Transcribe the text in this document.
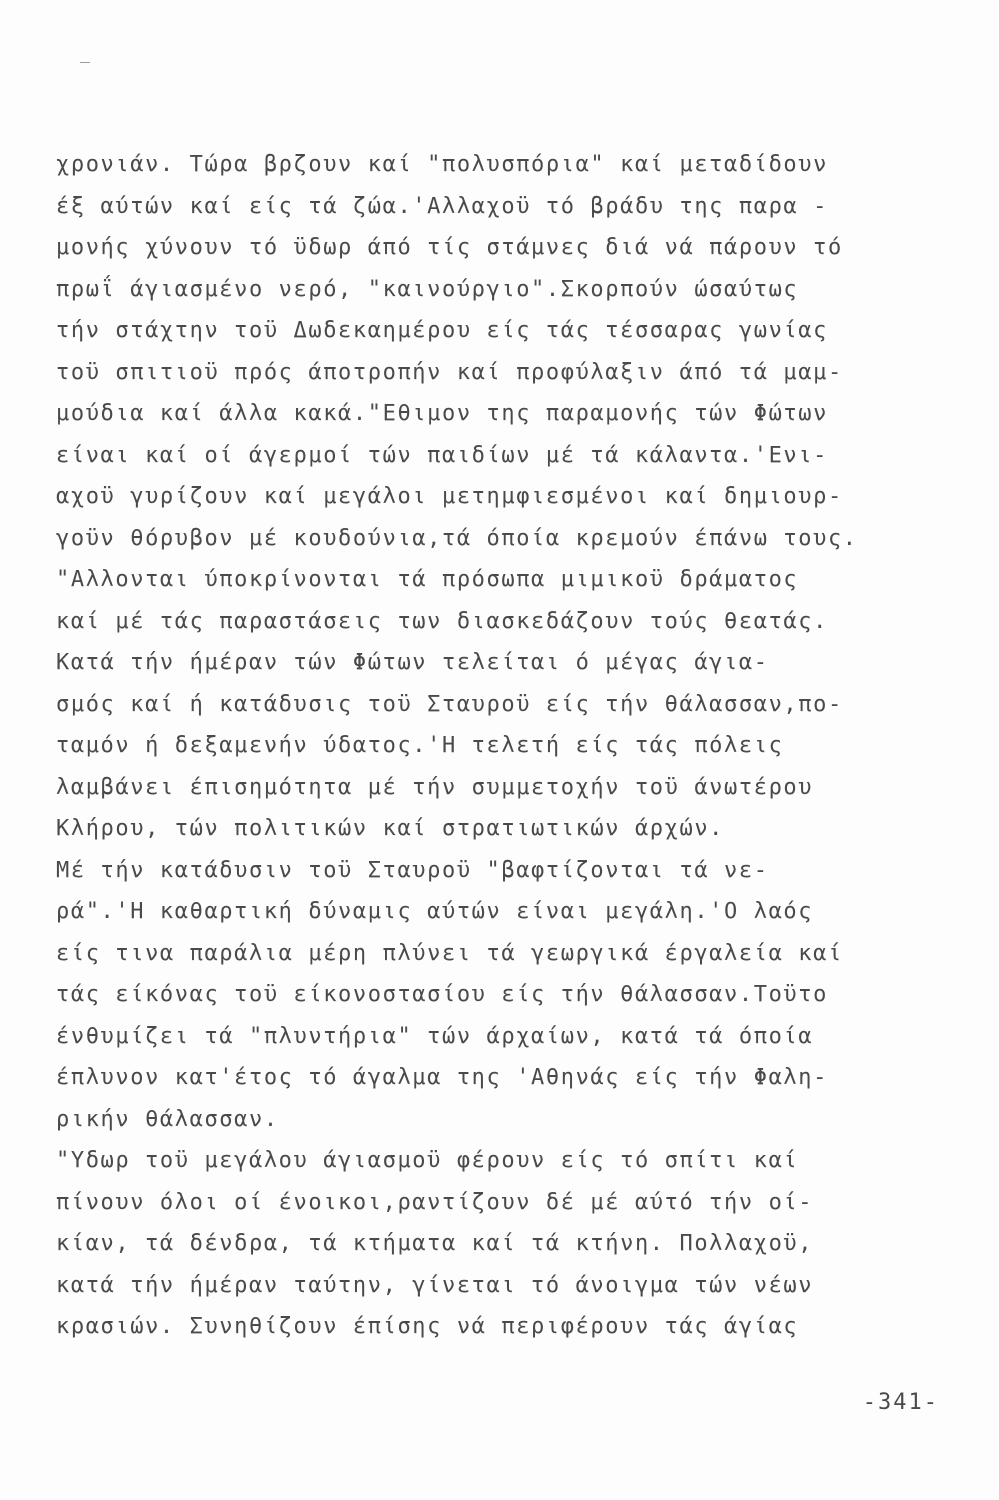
χρονιάν. Τώρα βρζουν καί "πολυσπόρια" καί μεταδίδουν
έξ αύτών καί είς τά ζώα.'Αλλαχοϋ τό βράδυ της παρα -
μονής χύνουν τό ϋδωρ άπό τίς στάμνες διά νά πάρουν τό
πρωΐ άγιασμένο νερό, "καινούργιο".Σκορπούν ώσαύτως
τήν στάχτην τοϋ Δωδεκαημέρου είς τάς τέσσαρας γωνίας
τοϋ σπιτιοϋ πρός άποτροπήν καί προφύλαξιν άπό τά μαμ-
μούδια καί άλλα κακά."Εθιμον της παραμονής τών Φώτων
είναι καί οί άγερμοί τών παιδίων μέ τά κάλαντα.'Ενι-
αχοϋ γυρίζουν καί μεγάλοι μετημφιεσμένοι καί δημιουρ-
γοϋν θόρυβον μέ κουδούνια,τά όποία κρεμούν έπάνω τους.
"Αλλονται ύποκρίνονται τά πρόσωπα μιμικοϋ δράματος
καί μέ τάς παραστάσεις των διασκεδάζουν τούς θεατάς.
Κατά τήν ήμέραν τών Φώτων τελείται ό μέγας άγια-
σμός καί ή κατάδυσις τοϋ Σταυροϋ είς τήν θάλασσαν,πο-
ταμόν ή δεξαμενήν ύδατος.'Η τελετή είς τάς πόλεις
λαμβάνει έπισημότητα μέ τήν συμμετοχήν τοϋ άνωτέρου
Κλήρου, τών πολιτικών καί στρατιωτικών άρχών.
Μέ τήν κατάδυσιν τοϋ Σταυροϋ "βαφτίζονται τά νε-
ρά".'Η καθαρτική δύναμις αύτών είναι μεγάλη.'Ο λαός
είς τινα παράλια μέρη πλύνει τά γεωργικά έργαλεία καί
τάς είκόνας τοϋ είκονοστασίου είς τήν θάλασσαν.Τοϋτο
ένθυμίζει τά "πλυντήρια" τών άρχαίων, κατά τά όποία
έπλυνον κατ'έτος τό άγαλμα της 'Αθηνάς είς τήν Φαλη-
ρικήν θάλασσαν.
"Υδωρ τοϋ μεγάλου άγιασμοϋ φέρουν είς τό σπίτι καί
πίνουν όλοι οί ένοικοι,ραντίζουν δέ μέ αύτό τήν οί-
κίαν, τά δένδρα, τά κτήματα καί τά κτήνη. Πολλαχοϋ,
κατά τήν ήμέραν ταύτην, γίνεται τό άνοιγμα τών νέων
κρασιών. Συνηθίζουν έπίσης νά περιφέρουν τάς άγίας
-341-
